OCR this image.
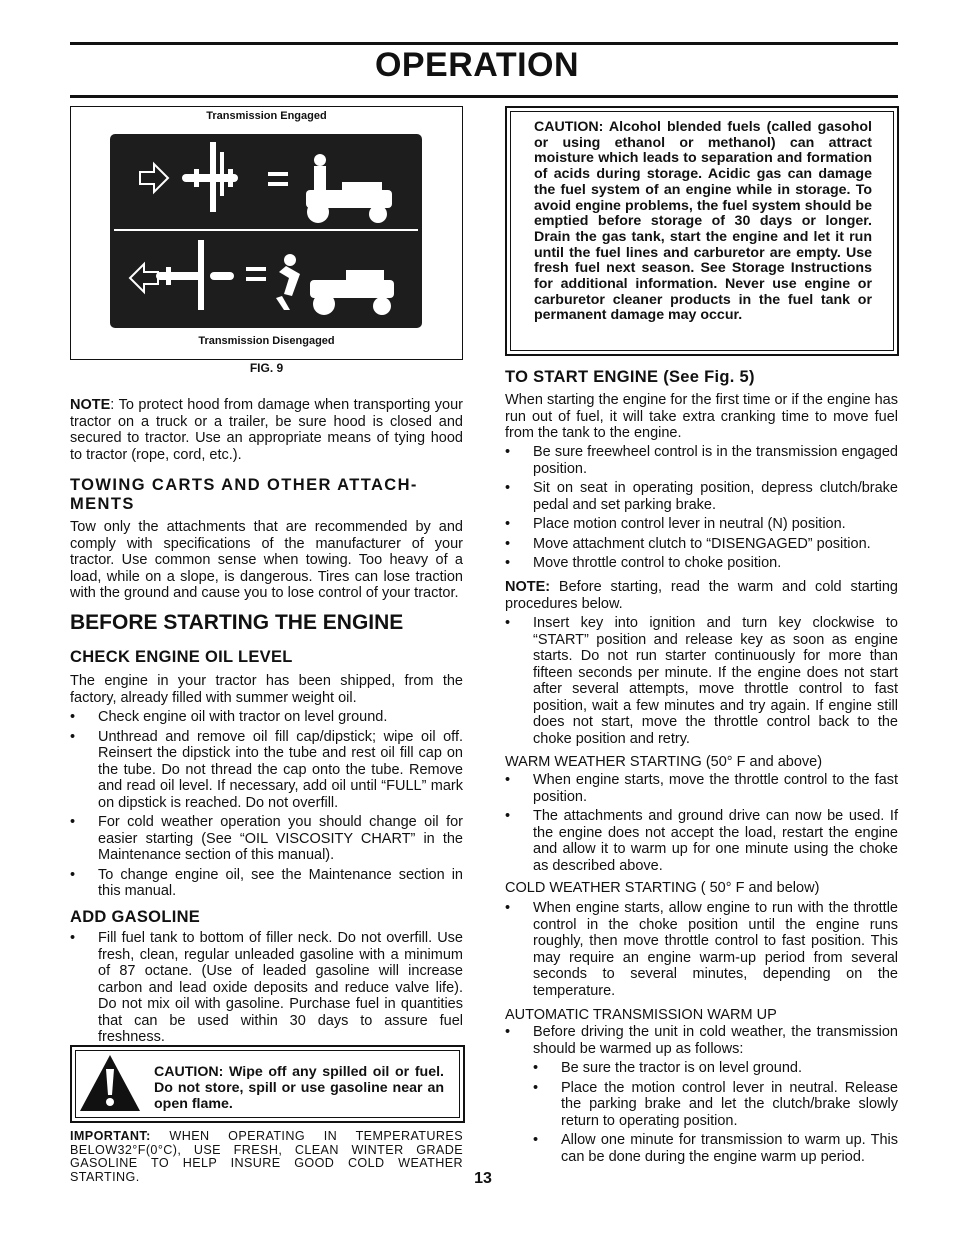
OPERATION
Transmission Engaged
Transmission Disengaged
FIG. 9

NOTE: To protect hood from damage when transporting your tractor on a truck or a trailer, be sure hood is closed and secured to tractor. Use an appropriate means of tying hood to tractor (rope, cord, etc.).

TOWING CARTS AND OTHER ATTACH- MENTS

Tow only the attachments that are recommended by and comply with specifications of the manufacturer of your tractor. Use common sense when towing. Too heavy of a load, while on a slope, is dangerous. Tires can lose traction with the ground and cause you to lose control of your tractor.

BEFORE STARTING THE ENGINE
CHECK ENGINE OIL LEVEL

The engine in your tractor has been shipped, from the factory, already filled with summer weight oil.

• Check engine oil with tractor on level ground.
• Unthread and remove oil fill cap/dipstick; wipe oil off. Reinsert the dipstick into the tube and rest oil fill cap on the tube. Do not thread the cap onto the tube. Remove and read oil level. If necessary, add oil until “FULL” mark on dipstick is reached. Do not overfill.
• For cold weather operation you should change oil for easier starting (See “OIL VISCOSITY CHART” in the Maintenance section of this manual).
• To change engine oil, see the Maintenance section in this manual.
ADD GASOLINE
• Fill fuel tank to bottom of filler neck. Do not overfill. Use fresh, clean, regular unleaded gasoline with a minimum of 87 octane. (Use of leaded gasoline will increase carbon and lead oxide deposits and reduce valve life). Do not mix oil with gasoline. Purchase fuel in quantities that can be used within 30 days to assure fuel freshness.

CAUTION: Wipe off any spilled oil or fuel. Do not store, spill or use gasoline near an open flame.

IMPORTANT: WHEN OPERATING IN TEMPERATURES BELOW32°F(0°C), USE FRESH, CLEAN WINTER GRADE GASOLINE TO HELP INSURE GOOD COLD WEATHER STARTING.

CAUTION: Alcohol blended fuels (called gasohol or using ethanol or methanol) can attract moisture which leads to separation and formation of acids during storage. Acidic gas can damage the fuel system of an engine while in storage. To avoid engine problems, the fuel system should be emptied before storage of 30 days or longer. Drain the gas tank, start the engine and let it run until the fuel lines and carburetor are empty. Use fresh fuel next season. See Storage Instructions for additional information. Never use engine or carburetor cleaner products in the fuel tank or permanent damage may occur.

TO START ENGINE (See Fig. 5)

When starting the engine for the first time or if the engine has run out of fuel, it will take extra cranking time to move fuel from the tank to the engine.

• Be sure freewheel control is in the transmission engaged position.
• Sit on seat in operating position, depress clutch/brake pedal and set parking brake.
• Place motion control lever in neutral (N) position.
• Move attachment clutch to “DISENGAGED” position.
• Move throttle control to choke position.

NOTE: Before starting, read the warm and cold starting procedures below.

• Insert key into ignition and turn key clockwise to “START” position and release key as soon as engine starts. Do not run starter continuously for more than fifteen seconds per minute. If the engine does not start after several attempts, move throttle control to fast position, wait a few minutes and try again. If engine still does not start, move the throttle control back to the choke position and retry.

WARM WEATHER STARTING (50° F and above)

• When engine starts, move the throttle control to the fast position.
• The attachments and ground drive can now be used. If the engine does not accept the load, restart the engine and allow it to warm up for one minute using the choke as described above.

COLD WEATHER STARTING ( 50° F and below)

• When engine starts, allow engine to run with the throttle control in the choke position until the engine runs roughly, then move throttle control to fast position. This may require an engine warm-up period from several seconds to several minutes, depending on the temperature.

AUTOMATIC TRANSMISSION WARM UP

• Before driving the unit in cold weather, the transmission should be warmed up as follows:
• Be sure the tractor is on level ground.
• Place the motion control lever in neutral. Release the parking brake and let the clutch/brake slowly return to operating position.
• Allow one minute for transmission to warm up. This can be done during the engine warm up period.
13
